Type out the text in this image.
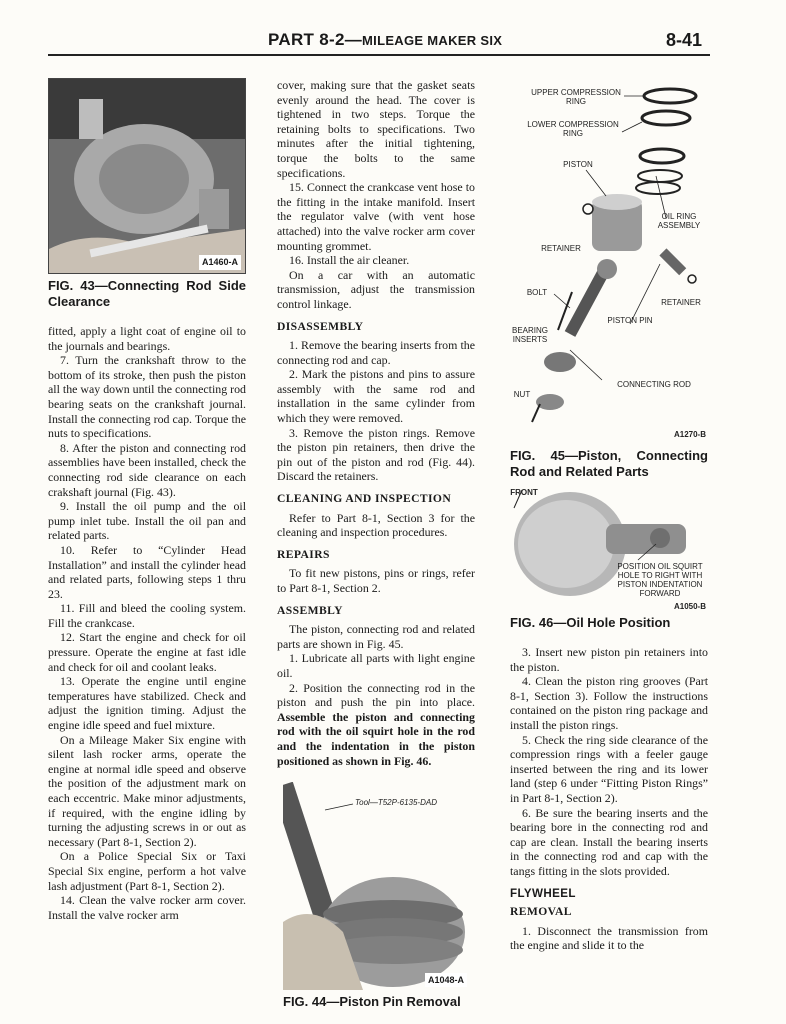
PART 8-2—MILEAGE MAKER SIX	8-41
A1460-A
FIG. 43—Connecting Rod Side Clearance

fitted, apply a light coat of engine oil to the journals and bearings.

7. Turn the crankshaft throw to the bottom of its stroke, then push the piston all the way down until the connecting rod bearing seats on the crankshaft journal. Install the connecting rod cap. Torque the nuts to specifications.

8. After the piston and connecting rod assemblies have been installed, check the connecting rod side clearance on each crakshaft journal (Fig. 43).

9. Install the oil pump and the oil pump inlet tube. Install the oil pan and related parts.

10. Refer to “Cylinder Head Installation” and install the cylinder head and related parts, following steps 1 thru 23.

11. Fill and bleed the cooling system. Fill the crankcase.

12. Start the engine and check for oil pressure. Operate the engine at fast idle and check for oil and coolant leaks.

13. Operate the engine until engine temperatures have stabilized. Check and adjust the ignition timing. Adjust the engine idle speed and fuel mixture.

On a Mileage Maker Six engine with silent lash rocker arms, operate the engine at normal idle speed and observe the position of the adjustment mark on each eccentric. Make minor adjustments, if required, with the engine idling by turning the adjusting screws in or out as necessary (Part 8-1, Section 2).

On a Police Special Six or Taxi Special Six engine, perform a hot valve lash adjustment (Part 8-1, Section 2).

14. Clean the valve rocker arm cover. Install the valve rocker arm

cover, making sure that the gasket seats evenly around the head. The cover is tightened in two steps. Torque the retaining bolts to specifications. Two minutes after the initial tightening, torque the bolts to the same specifications.

15. Connect the crankcase vent hose to the fitting in the intake manifold. Insert the regulator valve (with vent hose attached) into the valve rocker arm cover mounting grommet.

16. Install the air cleaner.

On a car with an automatic transmission, adjust the transmission control linkage.

DISASSEMBLY

1. Remove the bearing inserts from the connecting rod and cap.

2. Mark the pistons and pins to assure assembly with the same rod and installation in the same cylinder from which they were removed.

3. Remove the piston rings. Remove the piston pin retainers, then drive the pin out of the piston and rod (Fig. 44). Discard the retainers.

CLEANING AND INSPECTION

Refer to Part 8-1, Section 3 for the cleaning and inspection procedures.

REPAIRS

To fit new pistons, pins or rings, refer to Part 8-1, Section 2.

ASSEMBLY

The piston, connecting rod and related parts are shown in Fig. 45.

1. Lubricate all parts with light engine oil.

2. Position the connecting rod in the piston and push the pin into place. Assemble the piston and connecting rod with the oil squirt hole in the rod and the indentation in the piston positioned as shown in Fig. 46.

Tool—T52P-6135-DAD
A1048-A
FIG. 44—Piston Pin Removal
UPPER COMPRESSION RING
LOWER COMPRESSION RING
PISTON
OIL RING ASSEMBLY
RETAINER
BOLT
RETAINER
PISTON PIN
BEARING INSERTS
CONNECTING ROD
NUT
A1270-B
FIG. 45—Piston, Connecting Rod and Related Parts
FRONT
POSITION OIL SQUIRT HOLE TO RIGHT WITH PISTON INDENTATION FORWARD
A1050-B
FIG. 46—Oil Hole Position

3. Insert new piston pin retainers into the piston.

4. Clean the piston ring grooves (Part 8-1, Section 3). Follow the instructions contained on the piston ring package and install the piston rings.

5. Check the ring side clearance of the compression rings with a feeler gauge inserted between the ring and its lower land (step 6 under “Fitting Piston Rings” in Part 8-1, Section 2).

6. Be sure the bearing inserts and the bearing bore in the connecting rod and cap are clean. Install the bearing inserts in the connecting rod and cap with the tangs fitting in the slots provided.

FLYWHEEL
REMOVAL

1. Disconnect the transmission from the engine and slide it to the
